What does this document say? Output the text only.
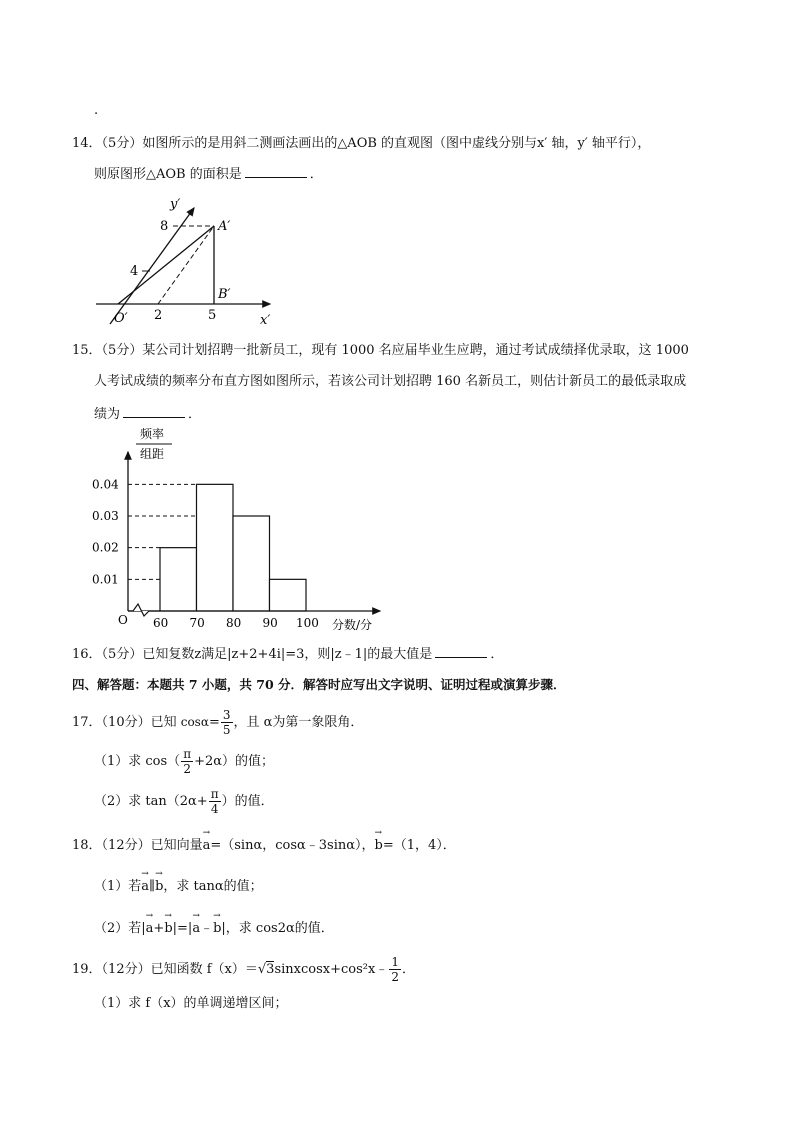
.
14．（5分）如图所示的是用斜二测画法画出的△AOB 的直观图（图中虚线分别与x′ 轴，y′ 轴平行），
则原图形△AOB 的面积是	．
y′
8
4
A′
B′
O′ 2	5	x′
15．（5分）某公司计划招聘一批新员工，现有 1000 名应届毕业生应聘，通过考试成绩择优录取，这 1000
人考试成绩的频率分布直方图如图所示，若该公司计划招聘 160 名新员工，则估计新员工的最低录取成
绩为	．
频率
组距
O	分数/分
0.04
0.03
0.02
0.01
60 70 80 90 100
16．（5分）已知复数z满足|z+2+4i|=3，则|z﹣1|的最大值是	．
四、解答题：本题共 7 小题，共 70 分．解答时应写出文字说明、证明过程或演算步骤．
17．（10分）已知 $\cos\alpha= \frac{3}{5}$ ，且 α为第一象限角．
（1）求 $\cos( \frac{\pi}{2} +2\alpha)$的值；
（2）求 $\tan(2\alpha+ \frac{\pi}{4}$ ）的值．
18．（12分）已知向量→ a=（sinα，cosα﹣3sinα），→ b=（1，4）．
（1）若→ a∥→ b，求 tanα的值；
（2）若|→ a+→ b|=|→ a﹣→ b|，求 cos2α的值．
19．（12分）已知函数 f（x）＝√3sinxcosx+cos²x﹣ $\frac{1}{2}$ ．
（1）求 f（x）的单调递增区间；
